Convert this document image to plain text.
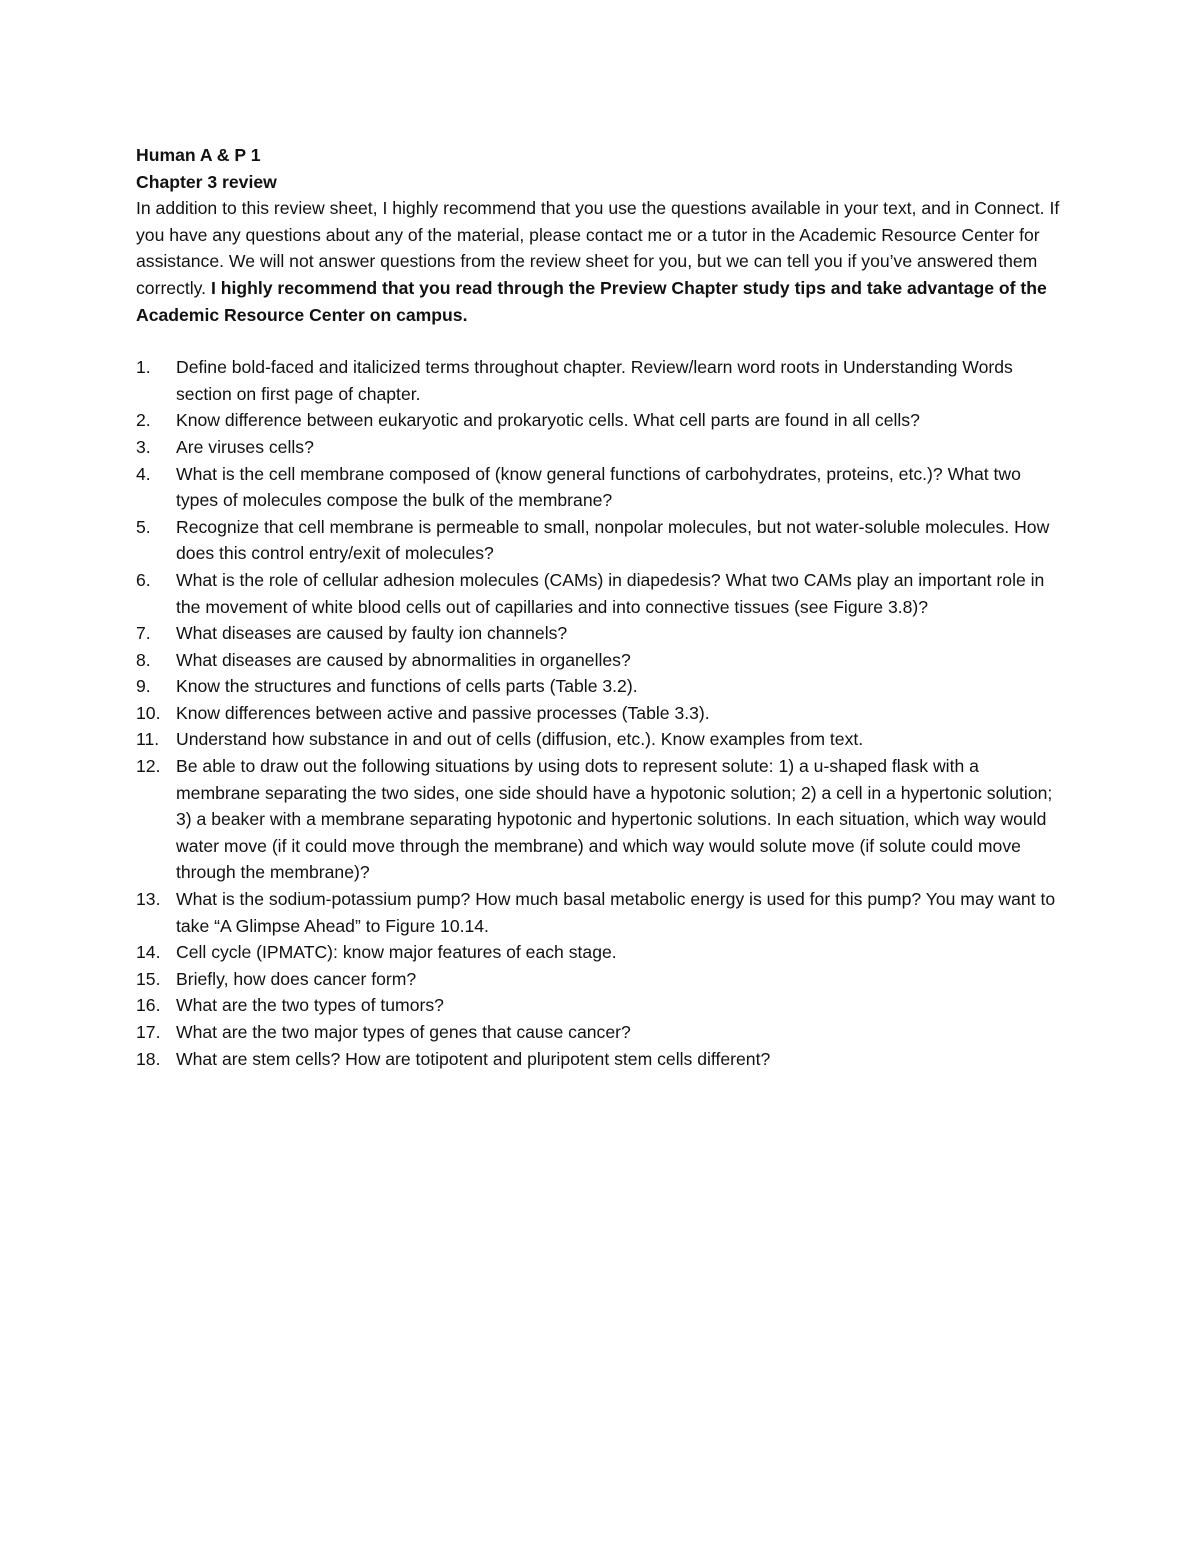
Human A & P 1

Chapter 3 review

In addition to this review sheet, I highly recommend that you use the questions available in your text, and in Connect. If you have any questions about any of the material, please contact me or a tutor in the Academic Resource Center for assistance. We will not answer questions from the review sheet for you, but we can tell you if you’ve answered them correctly. I highly recommend that you read through the Preview Chapter study tips and take advantage of the Academic Resource Center on campus.

1.	Define bold-faced and italicized terms throughout chapter. Review/learn word roots in Understanding Words section on first page of chapter.
2.	Know difference between eukaryotic and prokaryotic cells. What cell parts are found in all cells?
3.	Are viruses cells?
4.	What is the cell membrane composed of (know general functions of carbohydrates, proteins, etc.)? What two types of molecules compose the bulk of the membrane?
5.	Recognize that cell membrane is permeable to small, nonpolar molecules, but not water-soluble molecules. How does this control entry/exit of molecules?
6.	What is the role of cellular adhesion molecules (CAMs) in diapedesis? What two CAMs play an important role in the movement of white blood cells out of capillaries and into connective tissues (see Figure 3.8)?
7.	What diseases are caused by faulty ion channels?
8.	What diseases are caused by abnormalities in organelles?
9.	Know the structures and functions of cells parts (Table 3.2).
10. Know differences between active and passive processes (Table 3.3).
11. Understand how substance in and out of cells (diffusion, etc.). Know examples from text.
12. Be able to draw out the following situations by using dots to represent solute: 1) a u-shaped flask with a membrane separating the two sides, one side should have a hypotonic solution; 2) a cell in a hypertonic solution; 3) a beaker with a membrane separating hypotonic and hypertonic solutions. In each situation, which way would water move (if it could move through the membrane) and which way would solute move (if solute could move through the membrane)?
13. What is the sodium-potassium pump? How much basal metabolic energy is used for this pump? You may want to take “A Glimpse Ahead” to Figure 10.14.
14. Cell cycle (IPMATC): know major features of each stage.
15. Briefly, how does cancer form?
16. What are the two types of tumors?
17. What are the two major types of genes that cause cancer?
18. What are stem cells? How are totipotent and pluripotent stem cells different?
